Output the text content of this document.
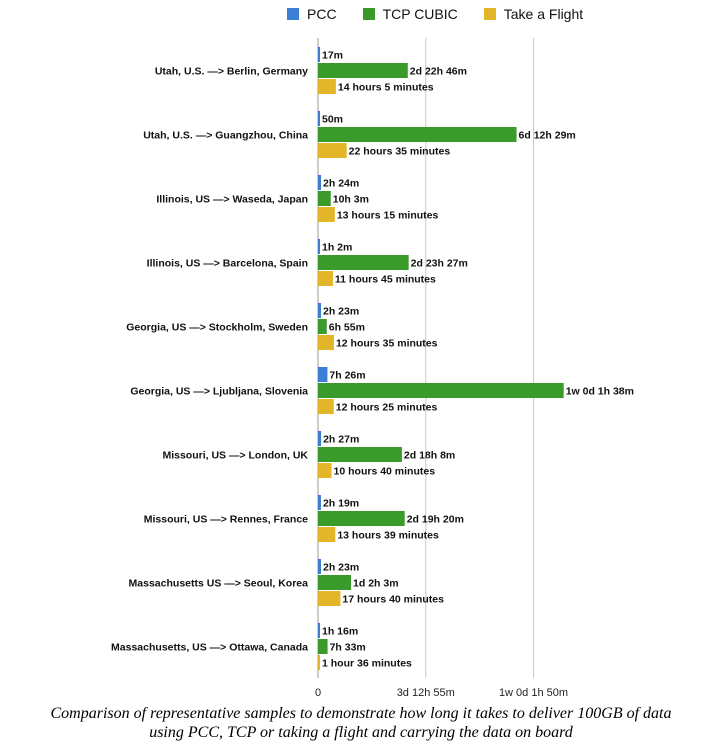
PCC	TCP CUBIC	Take a Flight
0	3d 12h 55m	1w 0d 1h 50m
Utah, U.S. —> Berlin, Germany
17m
2d 22h 46m
14 hours 5 minutes
Utah, U.S. —> Guangzhou, China
50m
6d 12h 29m
22 hours 35 minutes
Illinois, US —> Waseda, Japan
2h 24m
10h 3m
13 hours 15 minutes
Illinois, US —> Barcelona, Spain
1h 2m
2d 23h 27m
11 hours 45 minutes
Georgia, US —> Stockholm, Sweden
2h 23m
6h 55m
12 hours 35 minutes
Georgia, US —> Ljubljana, Slovenia
7h 26m
1w 0d 1h 38m
12 hours 25 minutes
Missouri, US —> London, UK
2h 27m
2d 18h 8m
10 hours 40 minutes
Missouri, US —> Rennes, France
2h 19m
2d 19h 20m
13 hours 39 minutes
Massachusetts US —> Seoul, Korea
2h 23m
1d 2h 3m
17 hours 40 minutes
Massachusetts, US —> Ottawa, Canada
1h 16m
7h 33m
1 hour 36 minutes
Comparison of representative samples to demonstrate how long it takes to deliver 100GB of data
using PCC, TCP or taking a flight and carrying the data on board
